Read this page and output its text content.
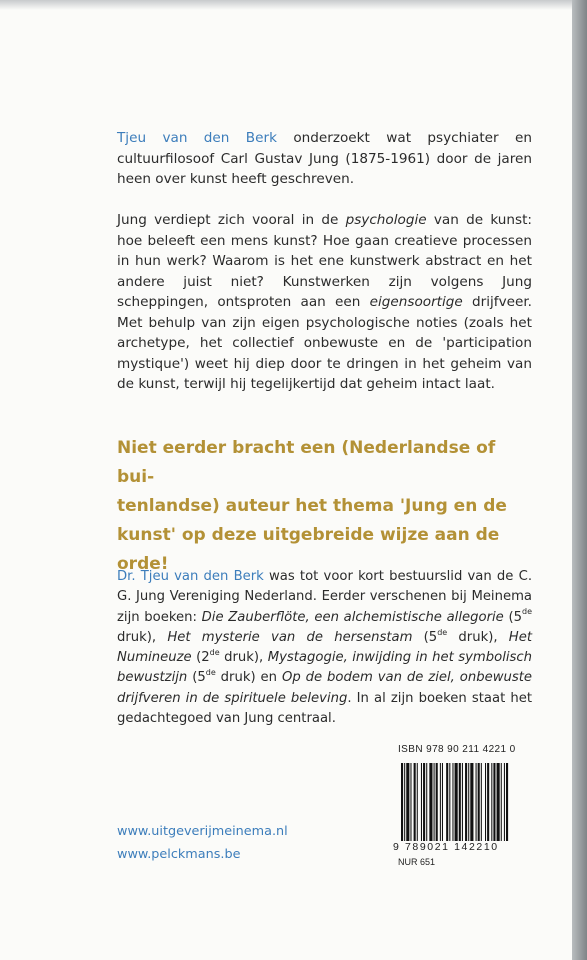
Tjeu van den Berk onderzoekt wat psychiater en cultuurfilosoof Carl Gustav Jung (1875-1961) door de jaren heen over kunst heeft geschreven.

Jung verdiept zich vooral in de psychologie van de kunst: hoe beleeft een mens kunst? Hoe gaan creatieve processen in hun werk? Waarom is het ene kunstwerk abstract en het andere juist niet? Kunstwerken zijn volgens Jung scheppingen, ontsproten aan een eigensoortige drijfveer. Met behulp van zijn eigen psychologische noties (zoals het archetype, het collectief onbewuste en de 'participation mystique') weet hij diep door te dringen in het geheim van de kunst, terwijl hij tegelijkertijd dat geheim intact laat.

Niet eerder bracht een (Nederlandse of bui-
tenlandse) auteur het thema 'Jung en de
kunst' op deze uitgebreide wijze aan de orde!

Dr. Tjeu van den Berk was tot voor kort bestuurslid van de C. G. Jung Vereniging Nederland. Eerder verschenen bij Meinema zijn boeken: Die Zauberflöte, een alchemistische allegorie (5de druk), Het mysterie van de hersenstam (5de druk), Het Numineuze (2de druk), Mystagogie, inwijding in het symbolisch bewustzijn (5de druk) en Op de bodem van de ziel, onbewuste drijfveren in de spirituele beleving. In al zijn boeken staat het gedachtegoed van Jung centraal.

ISBN 978 90 211 4221 0
9 789021 142210
NUR 651
www.uitgeverijmeinema.nl
www.pelckmans.be
